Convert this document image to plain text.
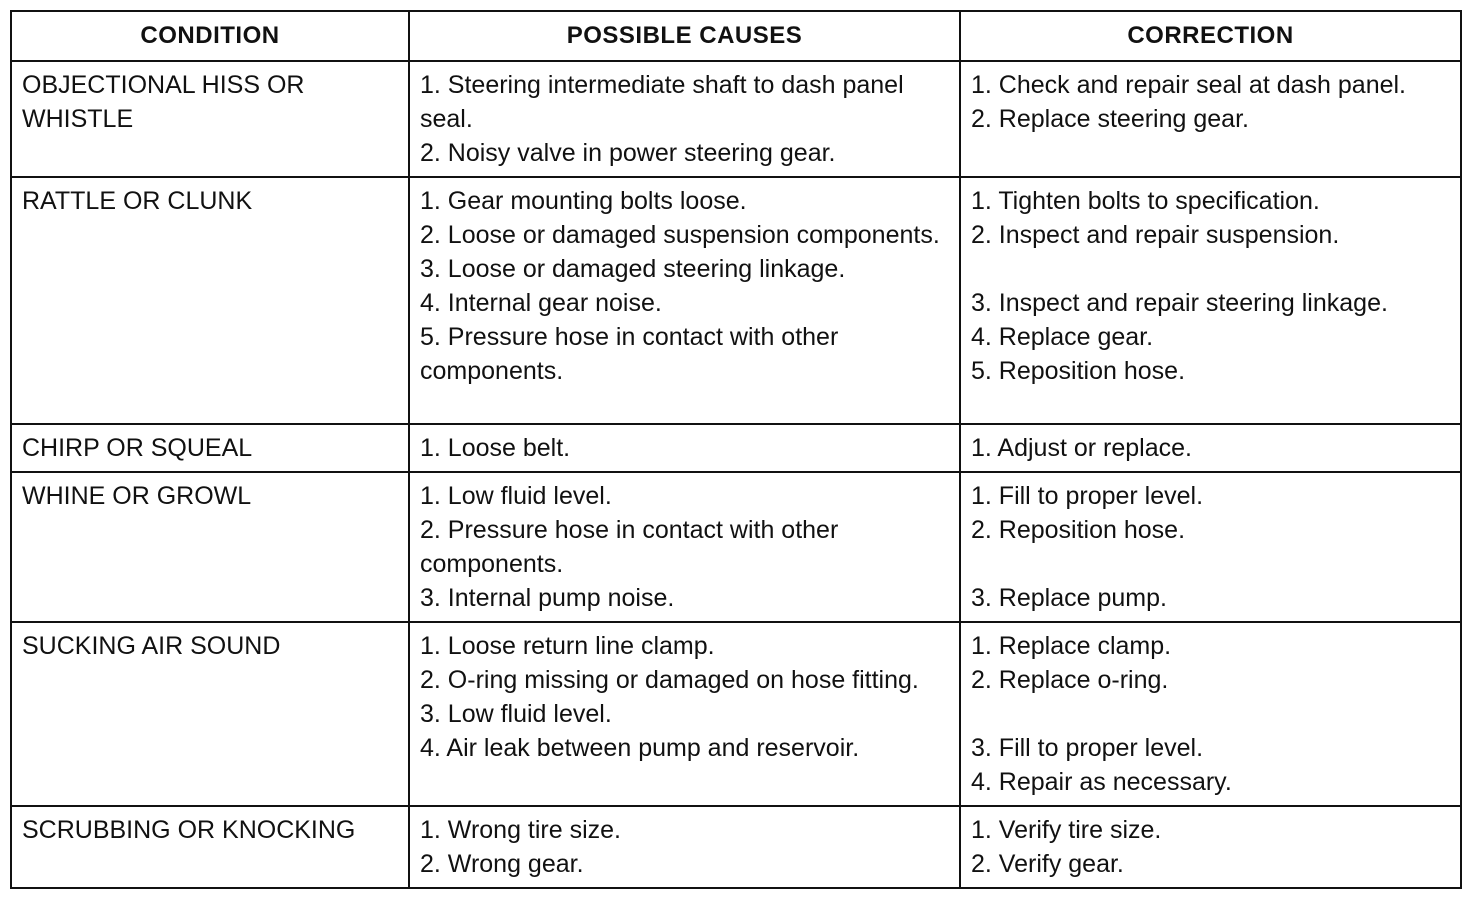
CONDITION	POSSIBLE CAUSES	CORRECTION

OBJECTIONAL HISS OR WHISTLE	1. Steering intermediate shaft to dash panel seal.
2. Noisy valve in power steering gear.	1. Check and repair seal at dash panel.
2. Replace steering gear.

RATTLE OR CLUNK	1. Gear mounting bolts loose.
2. Loose or damaged suspension components.
3. Loose or damaged steering linkage.
4. Internal gear noise.
5. Pressure hose in contact with other components.	1. Tighten bolts to specification.
2. Inspect and repair suspension.
3. Inspect and repair steering linkage.
4. Replace gear.
5. Reposition hose.

CHIRP OR SQUEAL	1. Loose belt.	1. Adjust or replace.

WHINE OR GROWL	1. Low fluid level.
2. Pressure hose in contact with other components.
3. Internal pump noise.	1. Fill to proper level.
2. Reposition hose.
3. Replace pump.

SUCKING AIR SOUND	1. Loose return line clamp.
2. O-ring missing or damaged on hose fitting.
3. Low fluid level.
4. Air leak between pump and reservoir.	1. Replace clamp.
2. Replace o-ring.
3. Fill to proper level.
4. Repair as necessary.

SCRUBBING OR KNOCKING	1. Wrong tire size.
2. Wrong gear.	1. Verify tire size.
2. Verify gear.
